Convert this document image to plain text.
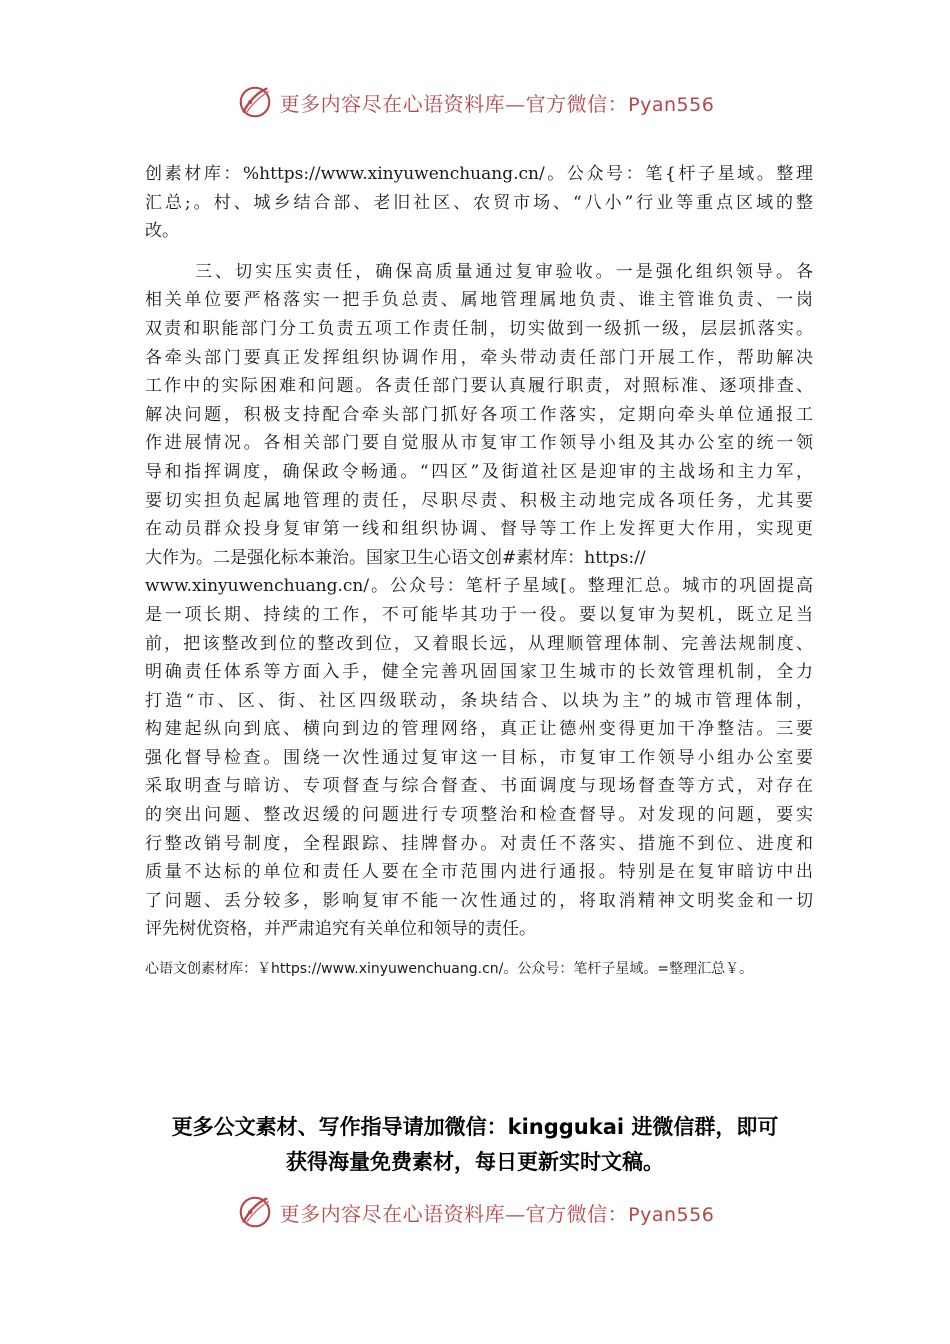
更多内容尽在心语资料库—官方微信：Pyan556
创素材库：%https://www.xinyuwenchuang.cn/。公众号：笔{杆子星域。整理
汇总;。村、城乡结合部、老旧社区、农贸市场、“八小”行业等重点区域的整
改。
三、切实压实责任，确保高质量通过复审验收。一是强化组织领导。各
相关单位要严格落实一把手负总责、属地管理属地负责、谁主管谁负责、一岗
双责和职能部门分工负责五项工作责任制，切实做到一级抓一级，层层抓落实。
各牵头部门要真正发挥组织协调作用，牵头带动责任部门开展工作，帮助解决
工作中的实际困难和问题。各责任部门要认真履行职责，对照标准、逐项排查、
解决问题，积极支持配合牵头部门抓好各项工作落实，定期向牵头单位通报工
作进展情况。各相关部门要自觉服从市复审工作领导小组及其办公室的统一领
导和指挥调度，确保政令畅通。“四区”及街道社区是迎审的主战场和主力军，
要切实担负起属地管理的责任，尽职尽责、积极主动地完成各项任务，尤其要
在动员群众投身复审第一线和组织协调、督导等工作上发挥更大作用，实现更
大作为。二是强化标本兼治。国家卫生心语文创#素材库：https://
www.xinyuwenchuang.cn/。公众号：笔杆子星域[。整理汇总。城市的巩固提高
是一项长期、持续的工作，不可能毕其功于一役。要以复审为契机，既立足当
前，把该整改到位的整改到位，又着眼长远，从理顺管理体制、完善法规制度、
明确责任体系等方面入手，健全完善巩固国家卫生城市的长效管理机制，全力
打造“市、区、街、社区四级联动，条块结合、以块为主”的城市管理体制，
构建起纵向到底、横向到边的管理网络，真正让德州变得更加干净整洁。三要
强化督导检查。围绕一次性通过复审这一目标，市复审工作领导小组办公室要
采取明查与暗访、专项督查与综合督查、书面调度与现场督查等方式，对存在
的突出问题、整改迟缓的问题进行专项整治和检查督导。对发现的问题，要实
行整改销号制度，全程跟踪、挂牌督办。对责任不落实、措施不到位、进度和
质量不达标的单位和责任人要在全市范围内进行通报。特别是在复审暗访中出
了问题、丢分较多，影响复审不能一次性通过的，将取消精神文明奖金和一切
评先树优资格，并严肃追究有关单位和领导的责任。
心语文创素材库：￥https://www.xinyuwenchuang.cn/。公众号：笔杆子星域。=整理汇总￥。
更多公文素材、写作指导请加微信：kinggukai 进微信群，即可
获得海量免费素材，每日更新实时文稿。
更多内容尽在心语资料库—官方微信：Pyan556
